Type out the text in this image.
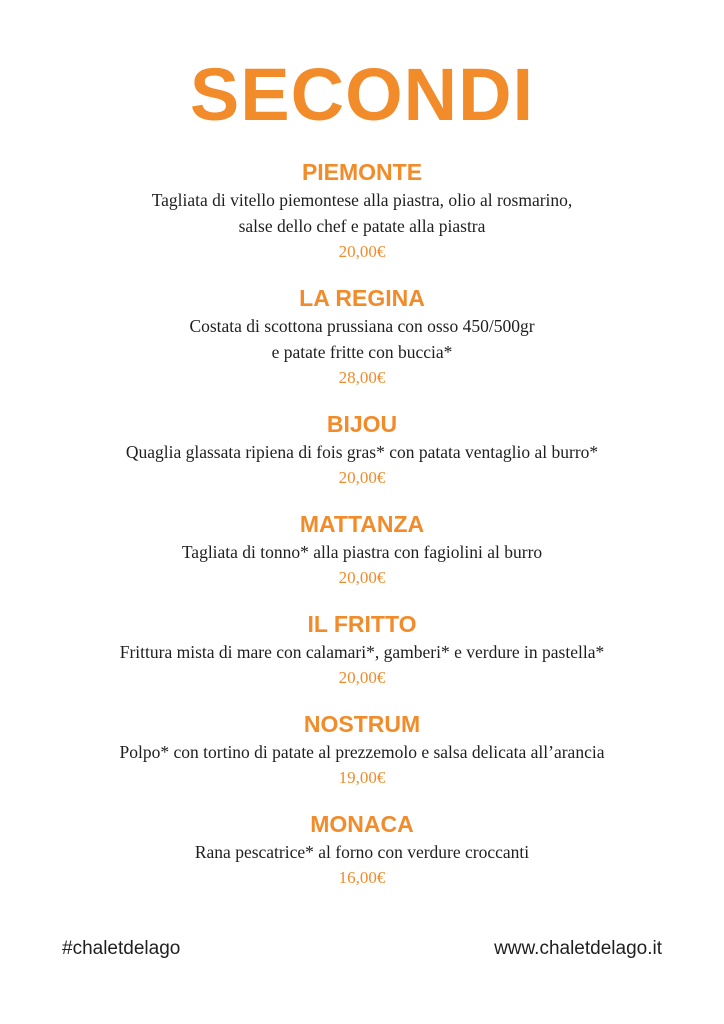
SECONDI
PIEMONTE
Tagliata di vitello piemontese alla piastra, olio al rosmarino,
salse dello chef e patate alla piastra
20,00€
LA REGINA
Costata di scottona prussiana con osso 450/500gr
e patate fritte con buccia*
28,00€
BIJOU
Quaglia glassata ripiena di fois gras* con patata ventaglio al burro*
20,00€
MATTANZA
Tagliata di tonno* alla piastra con fagiolini al burro
20,00€
IL FRITTO
Frittura mista di mare con calamari*, gamberi* e verdure in pastella*
20,00€
NOSTRUM
Polpo* con tortino di patate al prezzemolo e salsa delicata all’arancia
19,00€
MONACA
Rana pescatrice* al forno con verdure croccanti
16,00€
#chaletdelago	www.chaletdelago.it
